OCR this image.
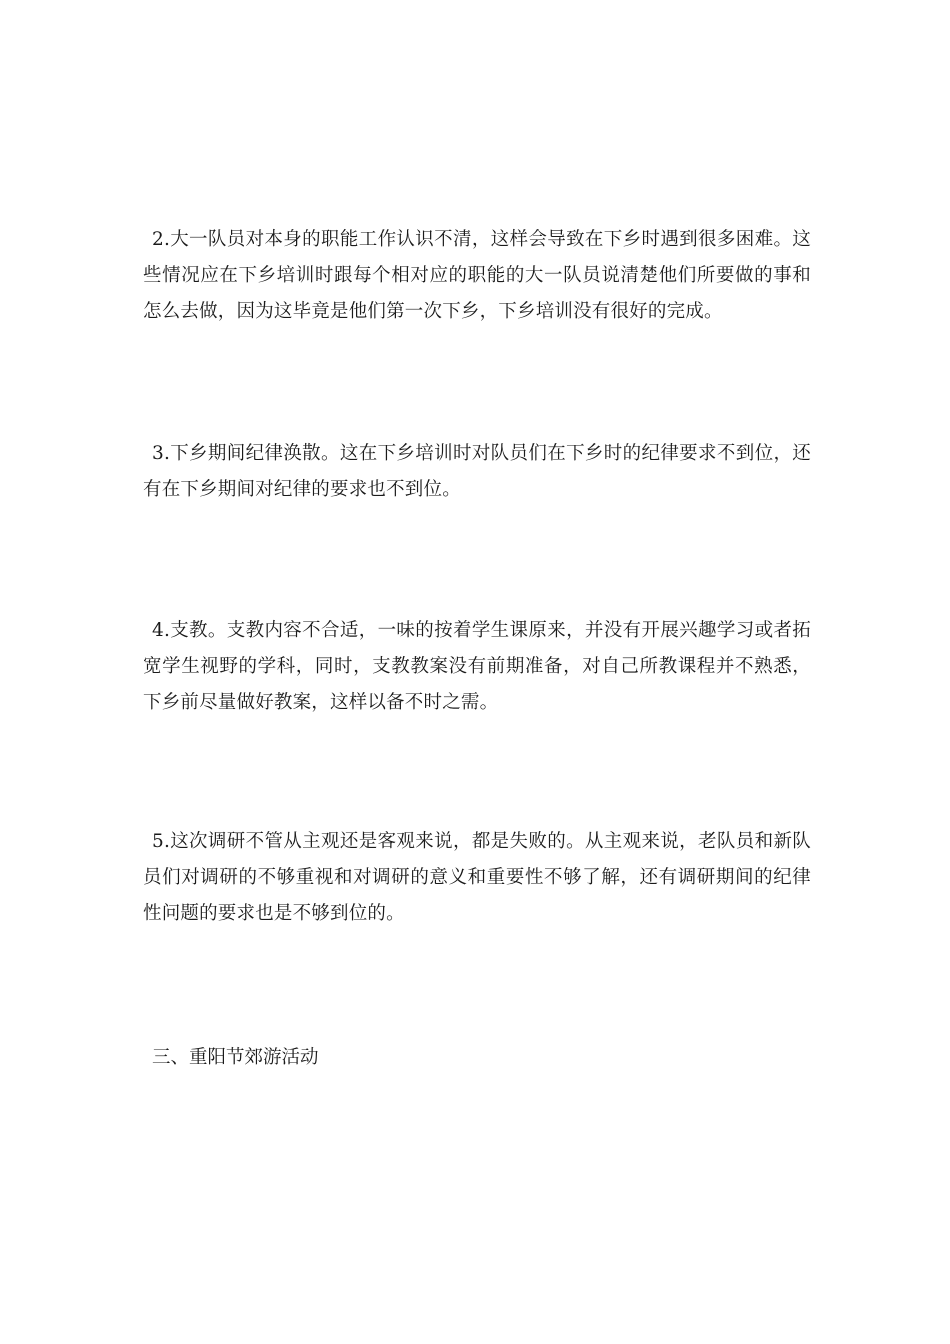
2.大一队员对本身的职能工作认识不清，这样会导致在下乡时遇到很多困难。这些情况应在下乡培训时跟每个相对应的职能的大一队员说清楚他们所要做的事和怎么去做，因为这毕竟是他们第一次下乡，下乡培训没有很好的完成。

3.下乡期间纪律涣散。这在下乡培训时对队员们在下乡时的纪律要求不到位，还有在下乡期间对纪律的要求也不到位。

4.支教。支教内容不合适，一味的按着学生课原来，并没有开展兴趣学习或者拓宽学生视野的学科，同时，支教教案没有前期准备，对自己所教课程并不熟悉，下乡前尽量做好教案，这样以备不时之需。

5.这次调研不管从主观还是客观来说，都是失败的。从主观来说，老队员和新队员们对调研的不够重视和对调研的意义和重要性不够了解，还有调研期间的纪律性问题的要求也是不够到位的。

三、重阳节郊游活动
